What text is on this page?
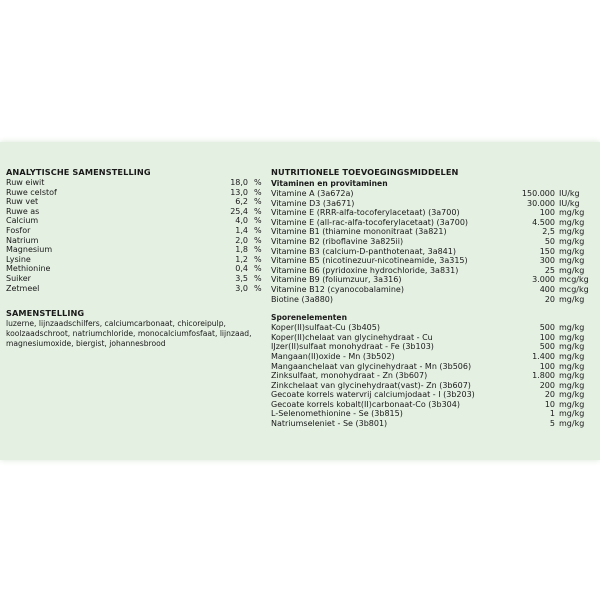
ANALYTISCHE SAMENSTELLING
Ruw eiwit	18,0 %
Ruwe celstof	13,0 %
Ruw vet	6,2 %
Ruwe as	25,4 %
Calcium	4,0 %
Fosfor	1,4 %
Natrium	2,0 %
Magnesium	1,8 %
Lysine	1,2 %
Methionine	0,4 %
Suiker	3,5 %
Zetmeel	3,0 %
SAMENSTELLING
luzerne, lijnzaadschilfers, calciumcarbonaat, chicoreipulp, koolzaadschroot, natriumchloride, monocalciumfosfaat, lijnzaad, magnesiumoxide, biergist, johannesbrood
NUTRITIONELE TOEVOEGINGSMIDDELEN
Vitaminen en provitaminen
Vitamine A (3a672a)	150.000 IU/kg
Vitamine D3 (3a671)	30.000 IU/kg
Vitamine E (RRR-alfa-tocoferylacetaat) (3a700)	100 mg/kg
Vitamine E (all-rac-alfa-tocoferylacetaat) (3a700)	4.500 mg/kg
Vitamine B1 (thiamine mononitraat (3a821)	2,5 mg/kg
Vitamine B2 (riboflavine 3a825ii)	50 mg/kg
Vitamine B3 (calcium-D-panthotenaat, 3a841)	150 mg/kg
Vitamine B5 (nicotinezuur-nicotineamide, 3a315)	300 mg/kg
Vitamine B6 (pyridoxine hydrochloride, 3a831)	25 mg/kg
Vitamine B9 (foliumzuur, 3a316)	3.000 mcg/kg
Vitamine B12 (cyanocobalamine)	400 mcg/kg
Biotine (3a880)	20 mg/kg
Sporenelementen
Koper(II)sulfaat-Cu (3b405)	500 mg/kg
Koper(II)chelaat van glycinehydraat - Cu	100 mg/kg
IJzer(II)sulfaat monohydraat - Fe (3b103)	500 mg/kg
Mangaan(II)oxide - Mn (3b502)	1.400 mg/kg
Mangaanchelaat van glycinehydraat - Mn (3b506)	100 mg/kg
Zinksulfaat, monohydraat - Zn (3b607)	1.800 mg/kg
Zinkchelaat van glycinehydraat(vast)- Zn (3b607)	200 mg/kg
Gecoate korrels watervrij calciumjodaat - I (3b203)	20 mg/kg
Gecoate korrels kobalt(II)carbonaat-Co (3b304)	10 mg/kg
L-Selenomethionine - Se (3b815)	1 mg/kg
Natriumseleniet - Se (3b801)	5 mg/kg
